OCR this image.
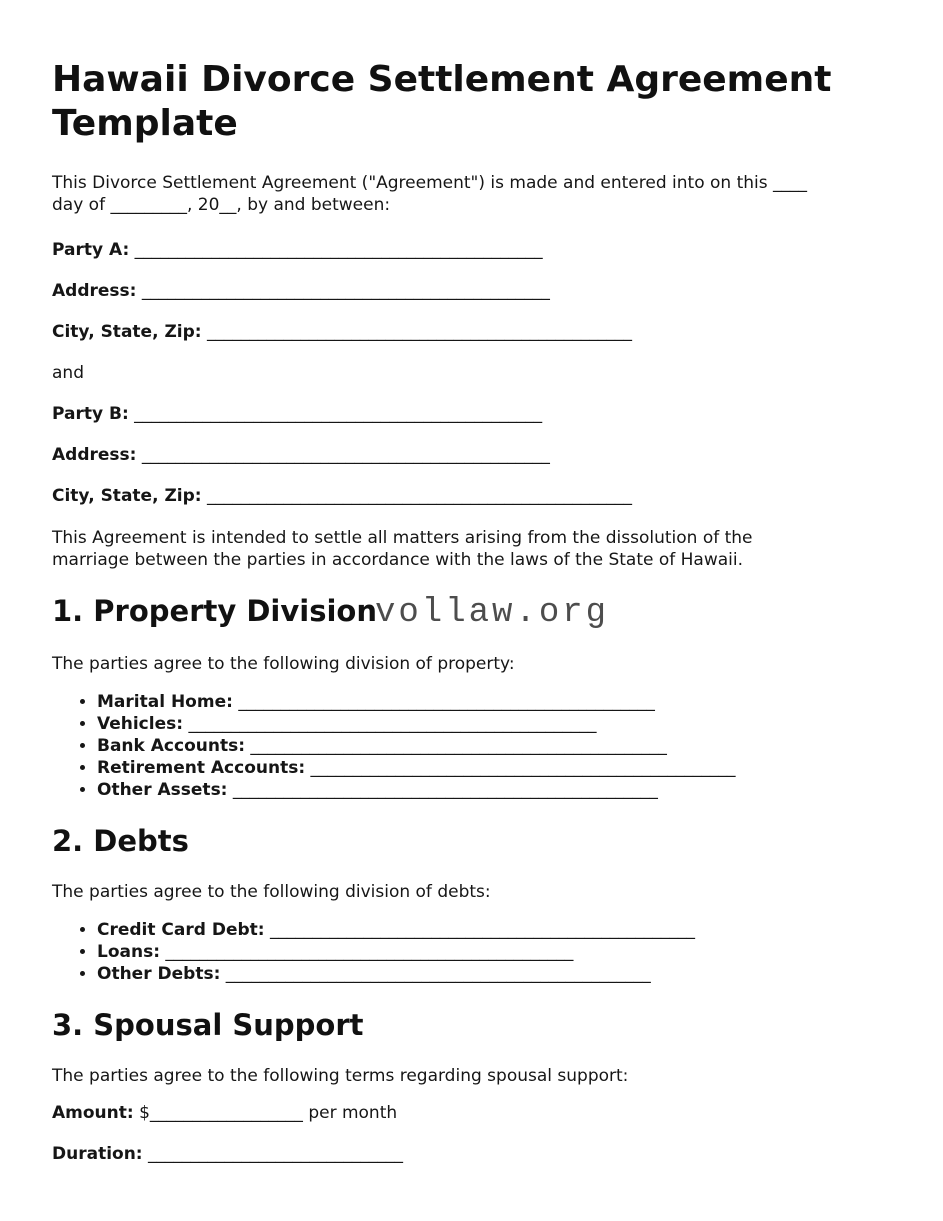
Hawaii Divorce Settlement Agreement
Template

This Divorce Settlement Agreement ("Agreement") is made and entered into on this ____
day of _________, 20__, by and between:

Party A: ________________________________________________

Address: ________________________________________________

City, State, Zip: __________________________________________________

and

Party B: ________________________________________________

Address: ________________________________________________

City, State, Zip: __________________________________________________

This Agreement is intended to settle all matters arising from the dissolution of the
marriage between the parties in accordance with the laws of the State of Hawaii.

1. Property Divisionvollaw.org

The parties agree to the following division of property:

• Marital Home: _________________________________________________
• Vehicles: ________________________________________________
• Bank Accounts: _________________________________________________
• Retirement Accounts: __________________________________________________
• Other Assets: __________________________________________________
2. Debts

The parties agree to the following division of debts:

• Credit Card Debt: __________________________________________________
• Loans: ________________________________________________
• Other Debts: __________________________________________________
3. Spousal Support

The parties agree to the following terms regarding spousal support:

Amount: $__________________ per month

Duration: ______________________________
